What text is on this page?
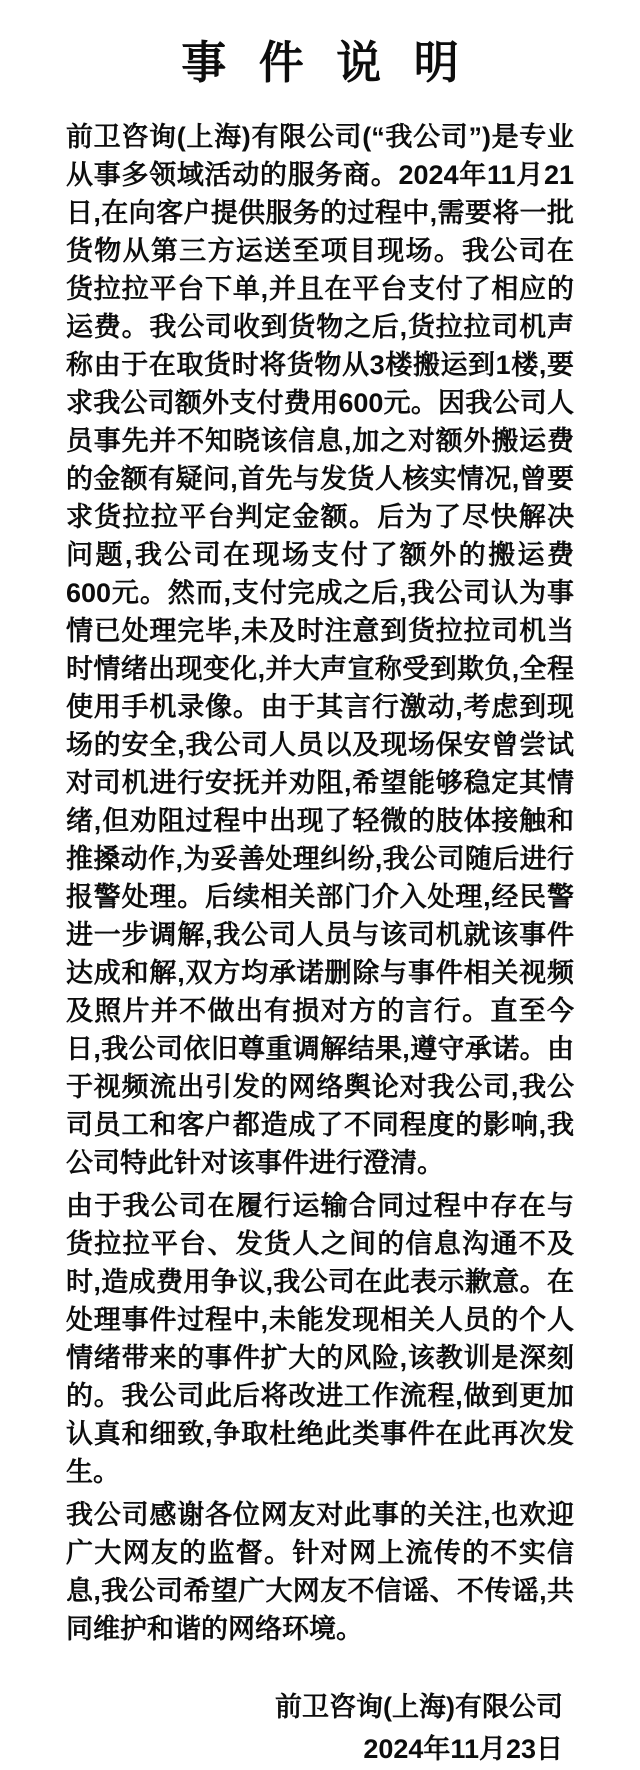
事 件 说 明

前卫咨询(上海)有限公司(“我公司”)是专业从事多领域活动的服务商。2024年11月21日,在向客户提供服务的过程中,需要将一批货物从第三方运送至项目现场。我公司在货拉拉平台下单,并且在平台支付了相应的运费。我公司收到货物之后,货拉拉司机声称由于在取货时将货物从3楼搬运到1楼,要求我公司额外支付费用600元。因我公司人员事先并不知晓该信息,加之对额外搬运费的金额有疑问,首先与发货人核实情况,曾要求货拉拉平台判定金额。后为了尽快解决问题,我公司在现场支付了额外的搬运费600元。然而,支付完成之后,我公司认为事情已处理完毕,未及时注意到货拉拉司机当时情绪出现变化,并大声宣称受到欺负,全程使用手机录像。由于其言行激动,考虑到现场的安全,我公司人员以及现场保安曾尝试对司机进行安抚并劝阻,希望能够稳定其情绪,但劝阻过程中出现了轻微的肢体接触和推搡动作,为妥善处理纠纷,我公司随后进行报警处理。后续相关部门介入处理,经民警进一步调解,我公司人员与该司机就该事件达成和解,双方均承诺删除与事件相关视频及照片并不做出有损对方的言行。直至今日,我公司依旧尊重调解结果,遵守承诺。由于视频流出引发的网络舆论对我公司,我公司员工和客户都造成了不同程度的影响,我公司特此针对该事件进行澄清。

由于我公司在履行运输合同过程中存在与货拉拉平台、发货人之间的信息沟通不及时,造成费用争议,我公司在此表示歉意。在处理事件过程中,未能发现相关人员的个人情绪带来的事件扩大的风险,该教训是深刻的。我公司此后将改进工作流程,做到更加认真和细致,争取杜绝此类事件在此再次发生。

我公司感谢各位网友对此事的关注,也欢迎广大网友的监督。针对网上流传的不实信息,我公司希望广大网友不信谣、不传谣,共同维护和谐的网络环境。

前卫咨询(上海)有限公司
2024年11月23日
